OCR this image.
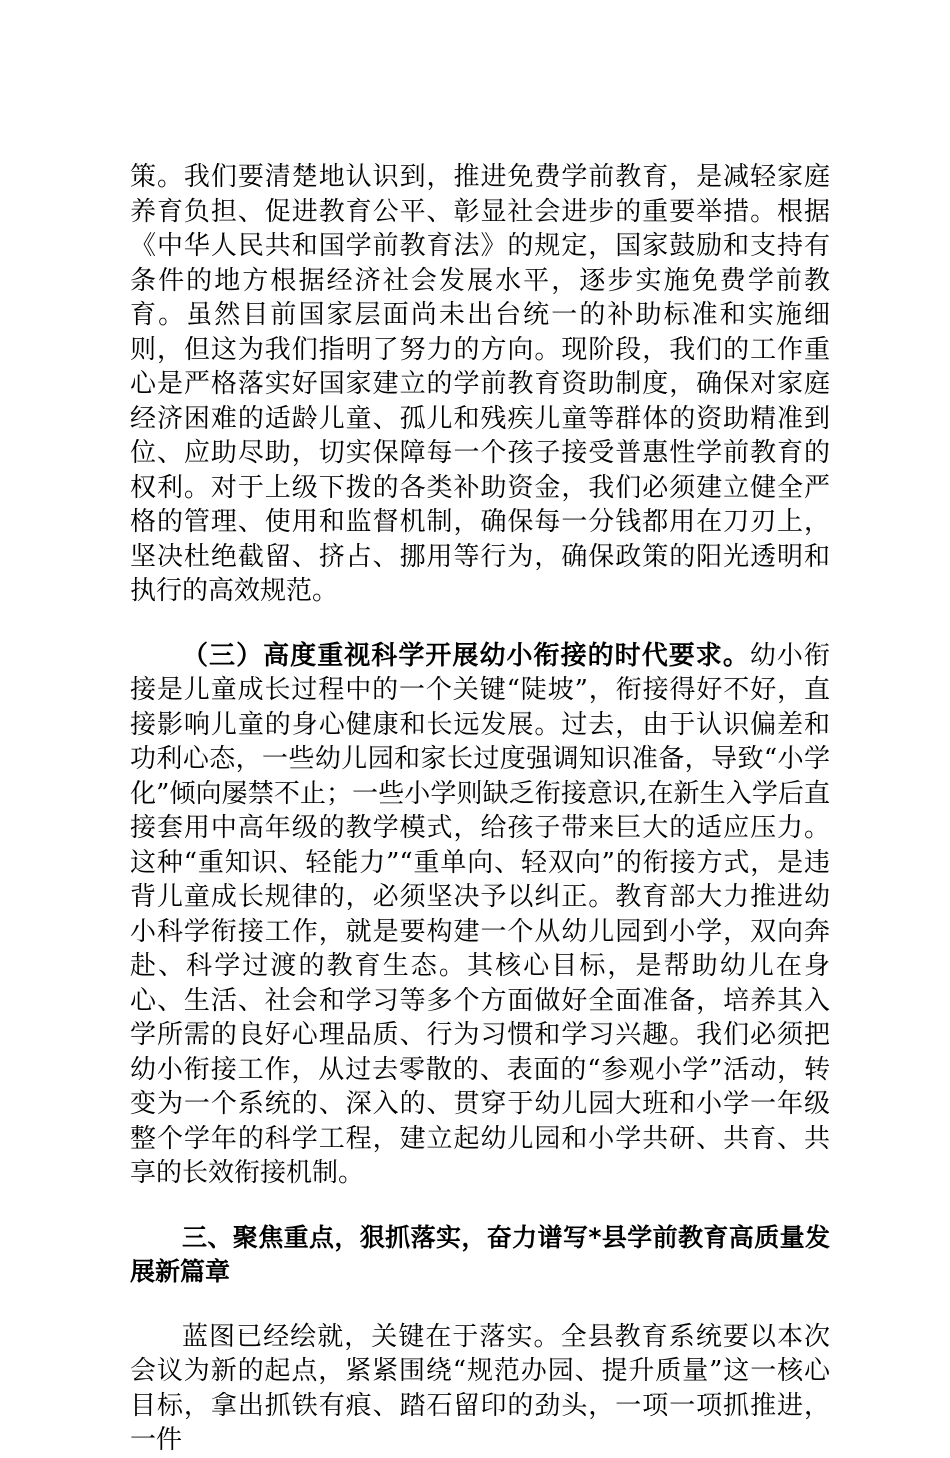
策。我们要清楚地认识到，推进免费学前教育，是减轻家庭养育负担、促进教育公平、彰显社会进步的重要举措。根据《中华人民共和国学前教育法》的规定，国家鼓励和支持有条件的地方根据经济社会发展水平，逐步实施免费学前教育。虽然目前国家层面尚未出台统一的补助标准和实施细则，但这为我们指明了努力的方向。现阶段，我们的工作重心是严格落实好国家建立的学前教育资助制度，确保对家庭经济困难的适龄儿童、孤儿和残疾儿童等群体的资助精准到位、应助尽助，切实保障每一个孩子接受普惠性学前教育的权利。对于上级下拨的各类补助资金，我们必须建立健全严格的管理、使用和监督机制，确保每一分钱都用在刀刃上，坚决杜绝截留、挤占、挪用等行为，确保政策的阳光透明和执行的高效规范。

（三）高度重视科学开展幼小衔接的时代要求。幼小衔接是儿童成长过程中的一个关键“陡坡”，衔接得好不好，直接影响儿童的身心健康和长远发展。过去，由于认识偏差和功利心态，一些幼儿园和家长过度强调知识准备，导致“小学化”倾向屡禁不止；一些小学则缺乏衔接意识,在新生入学后直接套用中高年级的教学模式，给孩子带来巨大的适应压力。这种“重知识、轻能力”“重单向、轻双向”的衔接方式，是违背儿童成长规律的，必须坚决予以纠正。教育部大力推进幼小科学衔接工作，就是要构建一个从幼儿园到小学，双向奔赴、科学过渡的教育生态。其核心目标，是帮助幼儿在身心、生活、社会和学习等多个方面做好全面准备，培养其入学所需的良好心理品质、行为习惯和学习兴趣。我们必须把幼小衔接工作，从过去零散的、表面的“参观小学”活动，转变为一个系统的、深入的、贯穿于幼儿园大班和小学一年级整个学年的科学工程，建立起幼儿园和小学共研、共育、共享的长效衔接机制。

三、聚焦重点，狠抓落实，奋力谱写*县学前教育高质量发展新篇章

蓝图已经绘就，关键在于落实。全县教育系统要以本次会议为新的起点，紧紧围绕“规范办园、提升质量”这一核心目标，拿出抓铁有痕、踏石留印的劲头，一项一项抓推进，一件
